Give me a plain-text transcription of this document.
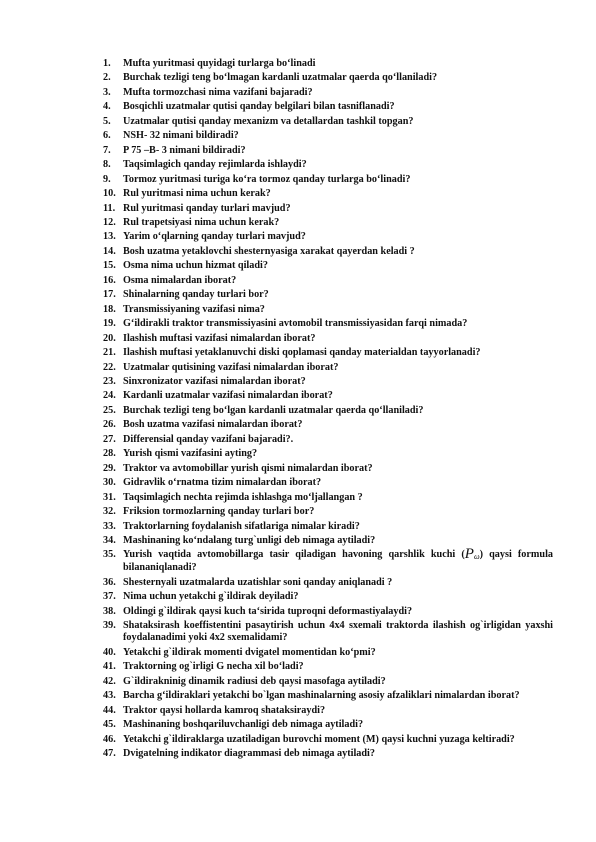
1. Mufta yuritmasi quyidagi turlarga bo‘linadi
2. Burchak tezligi teng bo‘lmagan kardanli uzatmalar qaerda qo‘llaniladi?
3. Mufta tormozchasi nima vazifani bajaradi?
4. Bosqichli uzatmalar qutisi qanday belgilari bilan tasniflanadi?
5. Uzatmalar qutisi qanday mexanizm va detallardan tashkil topgan?
6. NSH- 32 nimani bildiradi?
7. P 75 –B- 3 nimani bildiradi?
8. Taqsimlagich qanday rejimlarda ishlaydi?
9. Tormoz yuritmasi turiga ko‘ra tormoz qanday turlarga bo‘linadi?
10. Rul yuritmasi nima uchun kerak?
11. Rul yuritmasi qanday turlari mavjud?
12. Rul trapetsiyasi nima uchun kerak?
13. Yarim o‘qlarning qanday turlari mavjud?
14. Bosh uzatma yetaklovchi shesternyasiga xarakat qayerdan keladi ?
15. Osma nima uchun hizmat qiladi?
16. Osma nimalardan iborat?
17. Shinalarning qanday turlari bor?
18. Transmissiyaning vazifasi nima?
19. G‘ildirakli traktor transmissiyasini avtomobil transmissiyasidan farqi nimada?
20. Ilashish muftasi vazifasi nimalardan iborat?
21. Ilashish muftasi yetaklanuvchi diski qoplamasi qanday materialdan tayyorlanadi?
22. Uzatmalar qutisining vazifasi nimalardan iborat?
23. Sinxronizator vazifasi nimalardan iborat?
24. Kardanli uzatmalar vazifasi nimalardan iborat?
25. Burchak tezligi teng bo‘lgan kardanli uzatmalar qaerda qo‘llaniladi?
26. Bosh uzatma vazifasi nimalardan iborat?
27. Differensial qanday vazifani bajaradi?.
28. Yurish qismi vazifasini ayting?
29. Traktor va avtomobillar yurish qismi nimalardan iborat?
30. Gidravlik o‘rnatma tizim nimalardan iborat?
31. Taqsimlagich nechta rejimda ishlashga mo‘ljallangan ?
32. Friksion tormozlarning qanday turlari bor?
33. Traktorlarning foydalanish sifatlariga nimalar kiradi?
34. Mashinaning ko‘ndalang turg`unligi deb nimaga aytiladi?
35. Yurish vaqtida avtomobillarga tasir qiladigan havoning qarshlik kuchi $(P_\omega)$ qaysi formula bilananiqlanadi?
36. Shesternyali uzatmalarda uzatishlar soni qanday aniqlanadi ?
37. Nima uchun yetakchi g`ildirak deyiladi?
38. Oldingi g`ildirak qaysi kuch ta‘sirida tuproqni deformastiyalaydi?
39. Shataksirash koeffistentini pasaytirish uchun 4x4 sxemali traktorda ilashish og`irligidan yaxshi foydalanadimi yoki 4x2 sxemalidami?
40. Yetakchi g`ildirak momenti dvigatel momentidan ko‘pmi?
41. Traktorning og`irligi G necha xil bo‘ladi?
42. G`ildirakninig dinamik radiusi deb qaysi masofaga aytiladi?
43. Barcha g‘ildiraklari yetakchi bo`lgan mashinalarning asosiy afzaliklari nimalardan iborat?
44. Traktor qaysi hollarda kamroq shataksiraydi?
45. Mashinaning boshqariluvchanligi deb nimaga aytiladi?
46. Yetakchi g`ildiraklarga uzatiladigan burovchi moment (M) qaysi kuchni yuzaga keltiradi?
47. Dvigatelning indikator diagrammasi deb nimaga aytiladi?
